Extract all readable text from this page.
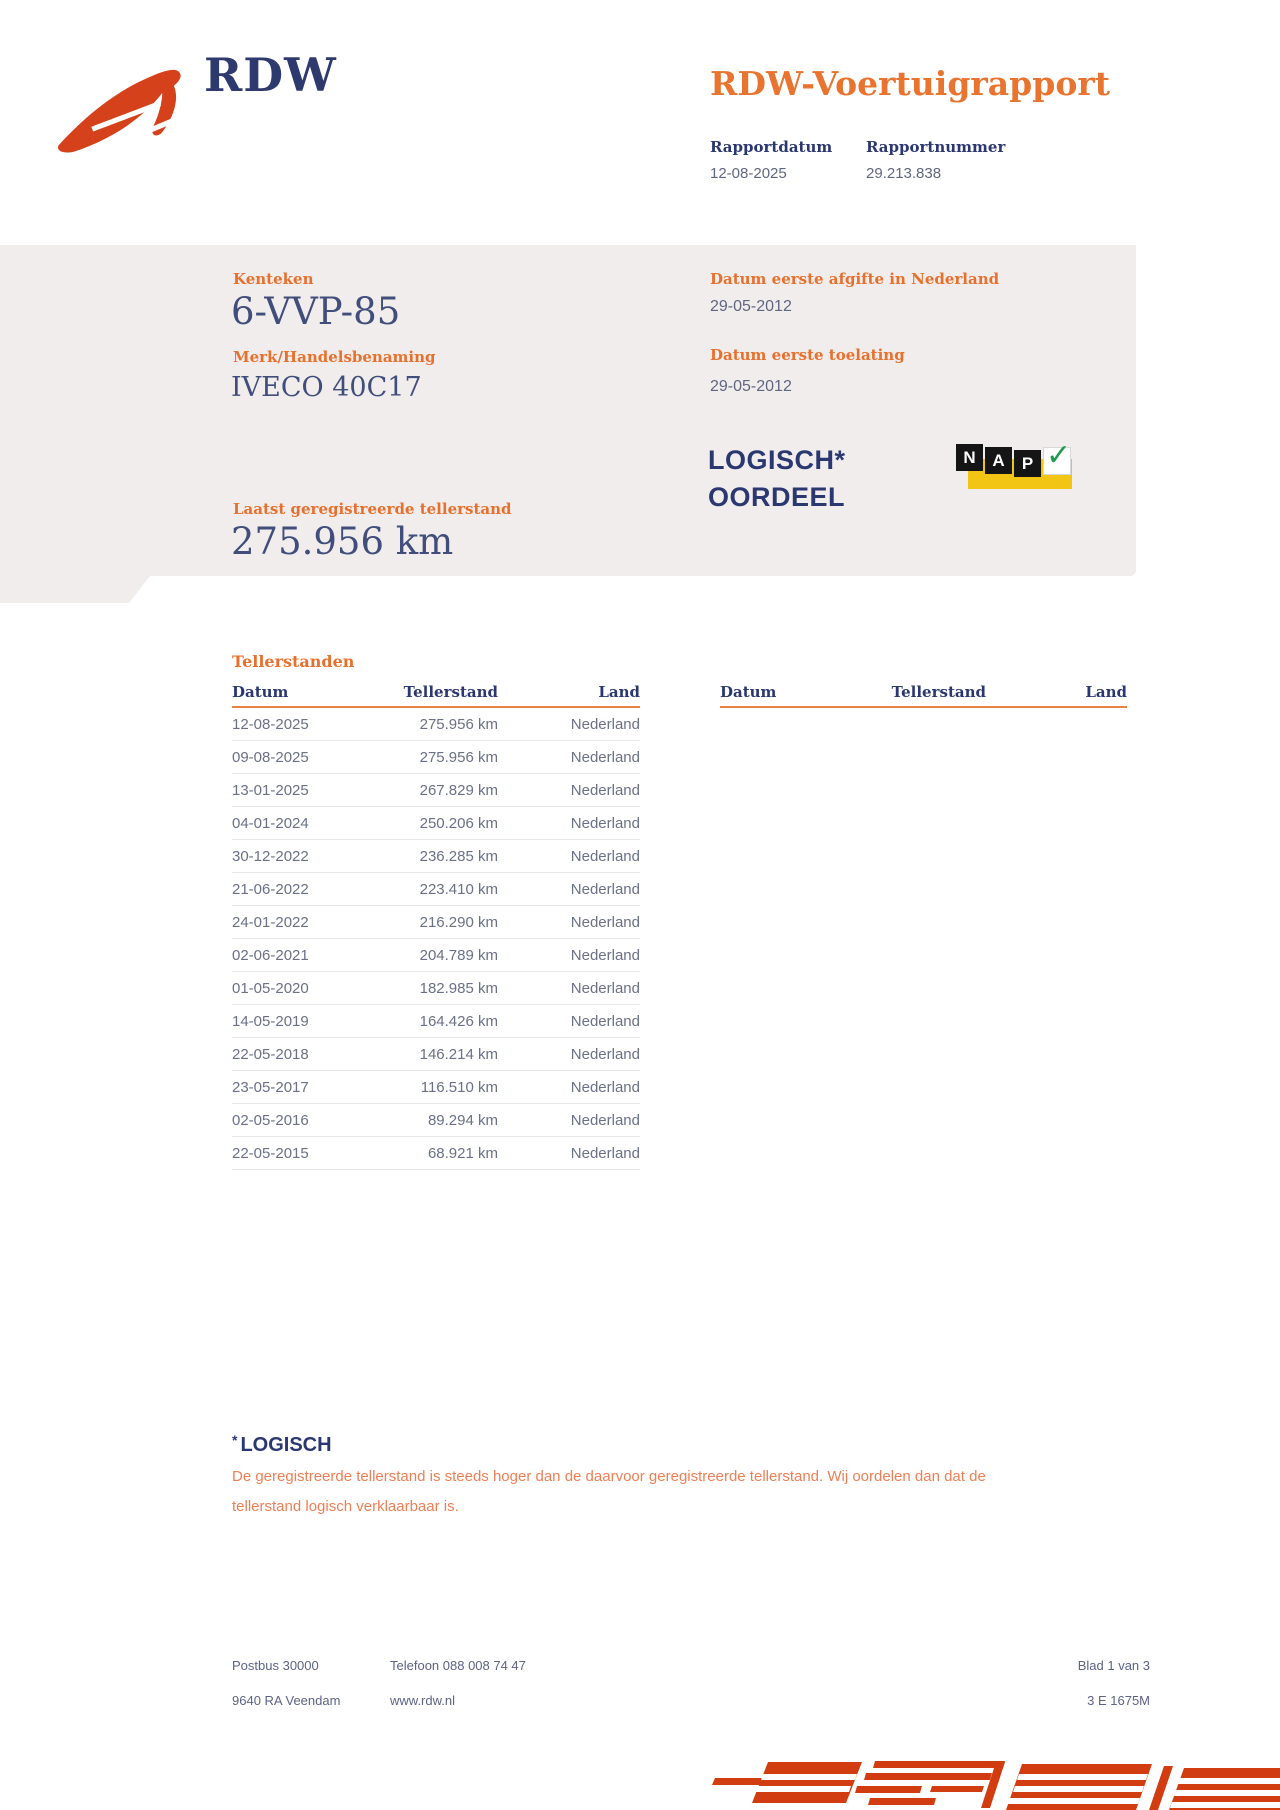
RDW	RDW-Voertuigrapport
Rapportdatum Rapportnummer
12-08-2025	29.213.838
Kenteken
6-VVP-85
Merk/Handelsbenaming
IVECO 40C17
Laatst geregistreerde tellerstand
275.956 km
Datum eerste afgifte in Nederland
29-05-2012
Datum eerste toelating
29-05-2012
LOGISCH*
OORDEEL
N A	P ✓
Tellerstanden
Datum	Tellerstand	Land
12-08-2025	275.956 km	Nederland
09-08-2025	275.956 km	Nederland
13-01-2025	267.829 km	Nederland
04-01-2024	250.206 km	Nederland
30-12-2022	236.285 km	Nederland
21-06-2022	223.410 km	Nederland
24-01-2022	216.290 km	Nederland
02-06-2021	204.789 km	Nederland
01-05-2020	182.985 km	Nederland
14-05-2019	164.426 km	Nederland
22-05-2018	146.214 km	Nederland
23-05-2017	116.510 km	Nederland
02-05-2016	89.294 km	Nederland
22-05-2015	68.921 km	Nederland
Datum	Tellerstand	Land
* LOGISCH
De geregistreerde tellerstand is steeds hoger dan de daarvoor geregistreerde tellerstand. Wij oordelen dan dat de tellerstand logisch verklaarbaar is.
Postbus 30000
9640 RA Veendam
Telefoon 088 008 74 47
www.rdw.nl
Blad 1 van 3
3 E 1675M
